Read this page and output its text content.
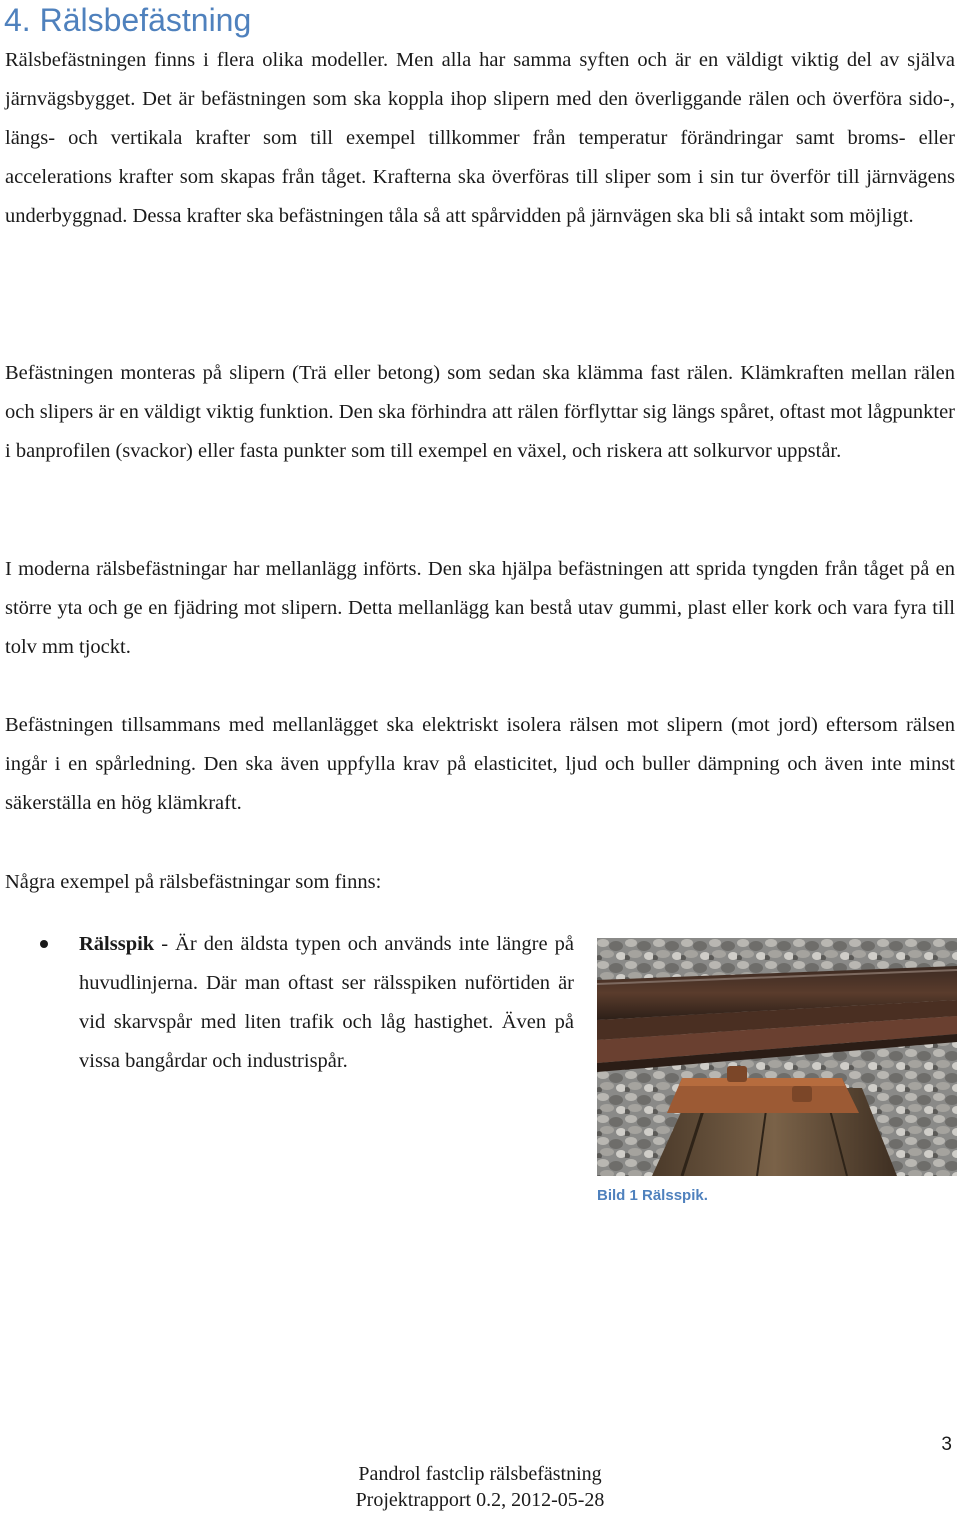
4. Rälsbefästning

Rälsbefästningen finns i flera olika modeller. Men alla har samma syften och är en väldigt viktig del av själva järnvägsbygget. Det är befästningen som ska koppla ihop slipern med den överliggande rälen och överföra sido-, längs- och vertikala krafter som till exempel tillkommer från temperatur förändringar samt broms- eller accelerations krafter som skapas från tåget. Krafterna ska överföras till sliper som i sin tur överför till järnvägens underbyggnad. Dessa krafter ska befästningen tåla så att spårvidden på järnvägen ska bli så intakt som möjligt.

Befästningen monteras på slipern (Trä eller betong) som sedan ska klämma fast rälen. Klämkraften mellan rälen och slipers är en väldigt viktig funktion. Den ska förhindra att rälen förflyttar sig längs spåret, oftast mot lågpunkter i banprofilen (svackor) eller fasta punkter som till exempel en växel, och riskera att solkurvor uppstår.

I moderna rälsbefästningar har mellanlägg införts. Den ska hjälpa befästningen att sprida tyngden från tåget på en större yta och ge en fjädring mot slipern. Detta mellanlägg kan bestå utav gummi, plast eller kork och vara fyra till tolv mm tjockt.

Befästningen tillsammans med mellanlägget ska elektriskt isolera rälsen mot slipern (mot jord) eftersom rälsen ingår i en spårledning. Den ska även uppfylla krav på elasticitet, ljud och buller dämpning och även inte minst säkerställa en hög klämkraft.

Några exempel på rälsbefästningar som finns:

Rälsspik - Är den äldsta typen och används inte längre på huvudlinjerna. Där man oftast ser rälsspiken nuförtiden är vid skarvspår med liten trafik och låg hastighet. Även på vissa bangårdar och industrispår.

Bild 1 Rälsspik.
3
Pandrol fastclip rälsbefästning
Projektrapport 0.2, 2012-05-28
